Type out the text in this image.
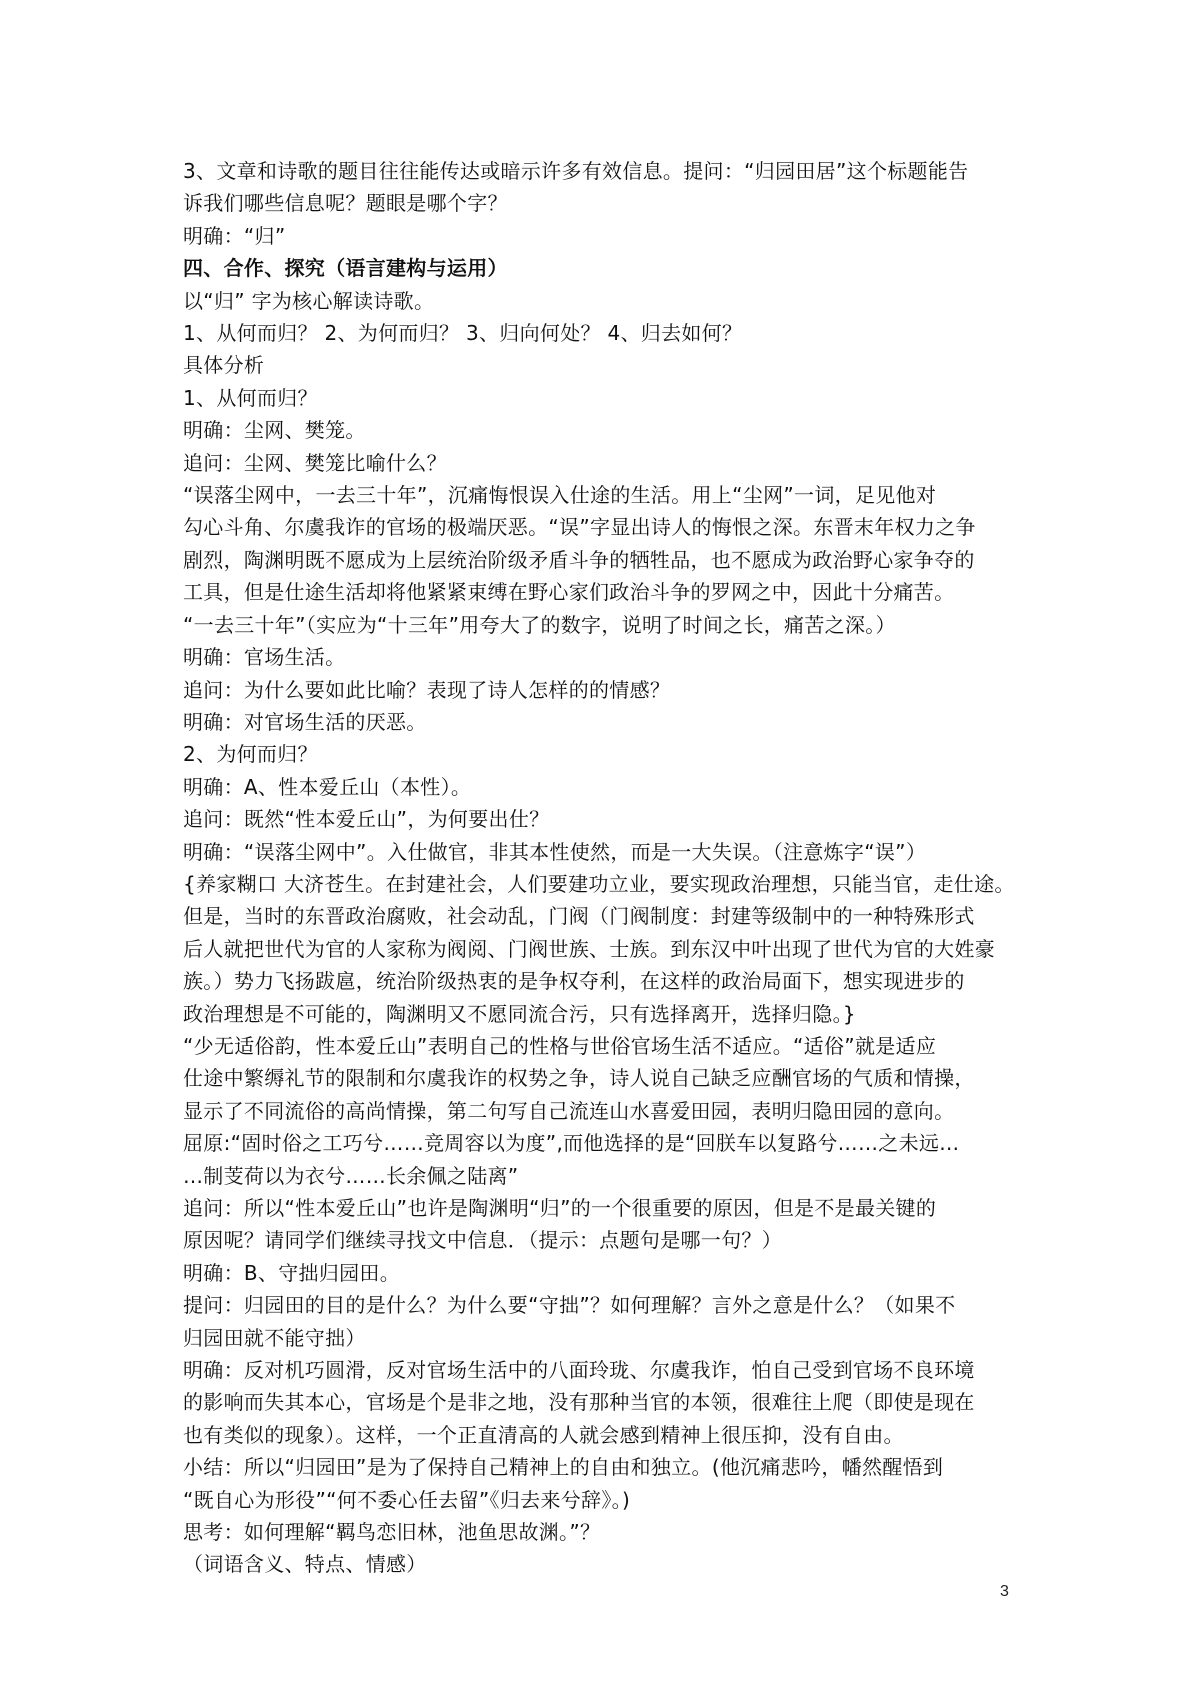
3、文章和诗歌的题目往往能传达或暗示许多有效信息。提问：“归园田居”这个标题能告
诉我们哪些信息呢？题眼是哪个字？
明确：“归”
四、合作、探究（语言建构与运用）
以“归” 字为核心解读诗歌。
1、从何而归？ 2、为何而归？ 3、归向何处？ 4、归去如何？
具体分析
1、从何而归？
明确：尘网、樊笼。
追问：尘网、樊笼比喻什么？
“误落尘网中，一去三十年”，沉痛悔恨误入仕途的生活。用上“尘网”一词，足见他对
勾心斗角、尔虞我诈的官场的极端厌恶。“误”字显出诗人的悔恨之深。东晋末年权力之争
剧烈，陶渊明既不愿成为上层统治阶级矛盾斗争的牺牲品，也不愿成为政治野心家争夺的
工具，但是仕途生活却将他紧紧束缚在野心家们政治斗争的罗网之中，因此十分痛苦。
“一去三十年”（实应为“十三年”用夸大了的数字，说明了时间之长，痛苦之深。）
明确：官场生活。
追问：为什么要如此比喻？表现了诗人怎样的的情感？
明确：对官场生活的厌恶。
2、为何而归？
明确：A、性本爱丘山（本性）。
追问：既然“性本爱丘山”，为何要出仕？
明确：“误落尘网中”。入仕做官，非其本性使然，而是一大失误。（注意炼字“误”）
{养家糊口 大济苍生。在封建社会，人们要建功立业，要实现政治理想，只能当官，走仕途。
但是，当时的东晋政治腐败，社会动乱，门阀（门阀制度：封建等级制中的一种特殊形式
后人就把世代为官的人家称为阀阅、门阀世族、士族。到东汉中叶出现了世代为官的大姓豪
族。）势力飞扬跋扈，统治阶级热衷的是争权夺利，在这样的政治局面下，想实现进步的
政治理想是不可能的，陶渊明又不愿同流合污，只有选择离开，选择归隐。}
“少无适俗韵，性本爱丘山”表明自己的性格与世俗官场生活不适应。“适俗”就是适应
仕途中繁缛礼节的限制和尔虞我诈的权势之争，诗人说自己缺乏应酬官场的气质和情操，
显示了不同流俗的高尚情操，第二句写自己流连山水喜爱田园，表明归隐田园的意向。
屈原:“固时俗之工巧兮……竞周容以为度”,而他选择的是“回朕车以复路兮……之未远…
…制芰荷以为衣兮……长余佩之陆离”
追问：所以“性本爱丘山”也许是陶渊明“归”的一个很重要的原因，但是不是最关键的
原因呢？请同学们继续寻找文中信息．（提示：点题句是哪一句？）
明确：B、守拙归园田。
提问：归园田的目的是什么？为什么要“守拙”？如何理解？言外之意是什么？（如果不
归园田就不能守拙）
明确：反对机巧圆滑，反对官场生活中的八面玲珑、尔虞我诈，怕自己受到官场不良环境
的影响而失其本心，官场是个是非之地，没有那种当官的本领，很难往上爬（即使是现在
也有类似的现象）。这样，一个正直清高的人就会感到精神上很压抑，没有自由。
小结：所以“归园田”是为了保持自己精神上的自由和独立。(他沉痛悲吟，幡然醒悟到
“既自心为形役”“何不委心任去留”《归去来兮辞》。)
思考：如何理解“羁鸟恋旧林，池鱼思故渊。”？
（词语含义、特点、情感）
3
